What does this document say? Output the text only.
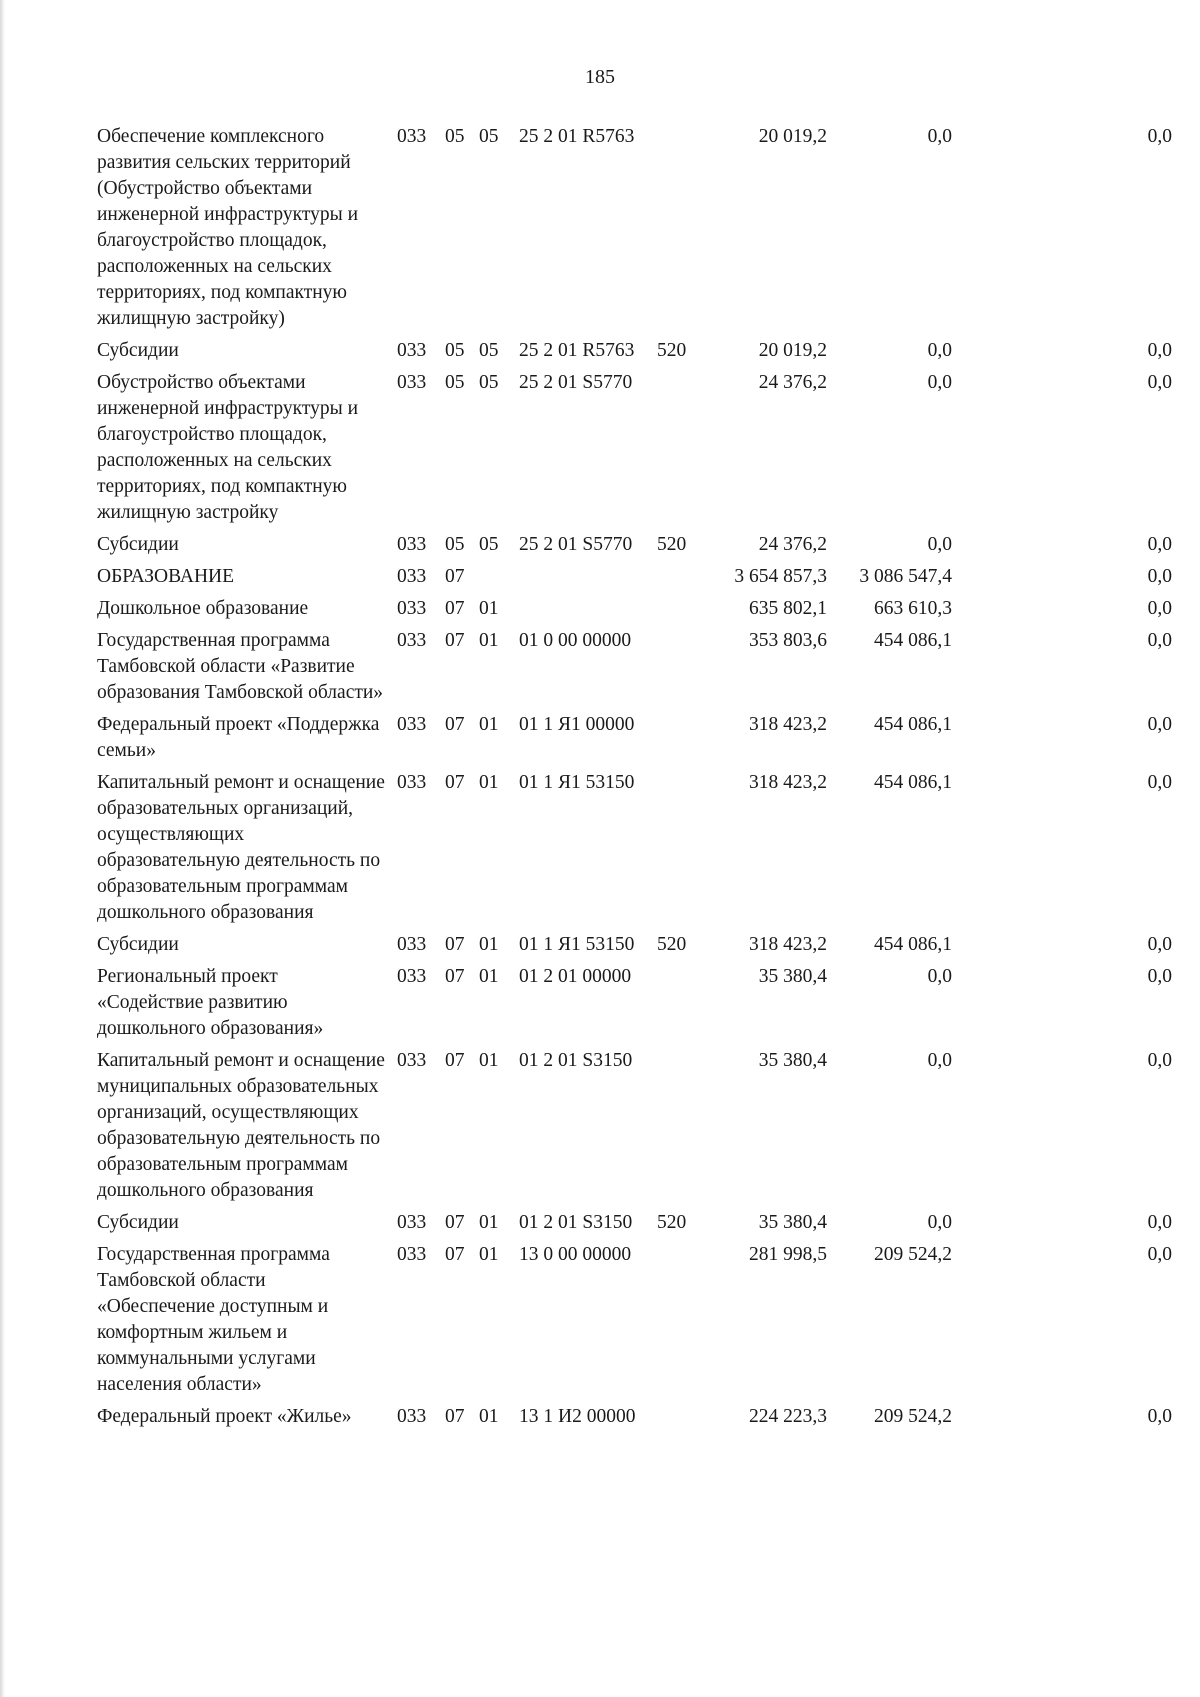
185
Обеспечение комплексного развития сельских территорий (Обустройство объектами инженерной инфраструктуры и благоустройство площадок, расположенных на сельских территориях, под компактную жилищную застройку)	033	05	05	25 2 01 R5763		20 019,2	0,0	0,0
Субсидии	033	05	05	25 2 01 R5763	520	20 019,2	0,0	0,0
Обустройство объектами инженерной инфраструктуры и благоустройство площадок, расположенных на сельских территориях, под компактную жилищную застройку	033	05	05	25 2 01 S5770		24 376,2	0,0	0,0
Субсидии	033	05	05	25 2 01 S5770	520	24 376,2	0,0	0,0
ОБРАЗОВАНИЕ	033	07				3 654 857,3	3 086 547,4	0,0
Дошкольное образование	033	07	01			635 802,1	663 610,3	0,0
Государственная программа Тамбовской области «Развитие образования Тамбовской области»	033	07	01	01 0 00 00000		353 803,6	454 086,1	0,0
Федеральный проект «Поддержка семьи»	033	07	01	01 1 Я1 00000		318 423,2	454 086,1	0,0
Капитальный ремонт и оснащение образовательных организаций, осуществляющих образовательную деятельность по образовательным программам дошкольного образования	033	07	01	01 1 Я1 53150		318 423,2	454 086,1	0,0
Субсидии	033	07	01	01 1 Я1 53150	520	318 423,2	454 086,1	0,0
Региональный проект «Содействие развитию дошкольного образования»	033	07	01	01 2 01 00000		35 380,4	0,0	0,0
Капитальный ремонт и оснащение муниципальных образовательных организаций, осуществляющих образовательную деятельность по образовательным программам дошкольного образования	033	07	01	01 2 01 S3150		35 380,4	0,0	0,0
Субсидии	033	07	01	01 2 01 S3150	520	35 380,4	0,0	0,0
Государственная программа Тамбовской области «Обеспечение доступным и комфортным жильем и коммунальными услугами населения области»	033	07	01	13 0 00 00000		281 998,5	209 524,2	0,0
Федеральный проект «Жилье»	033	07	01	13 1 И2 00000		224 223,3	209 524,2	0,0
